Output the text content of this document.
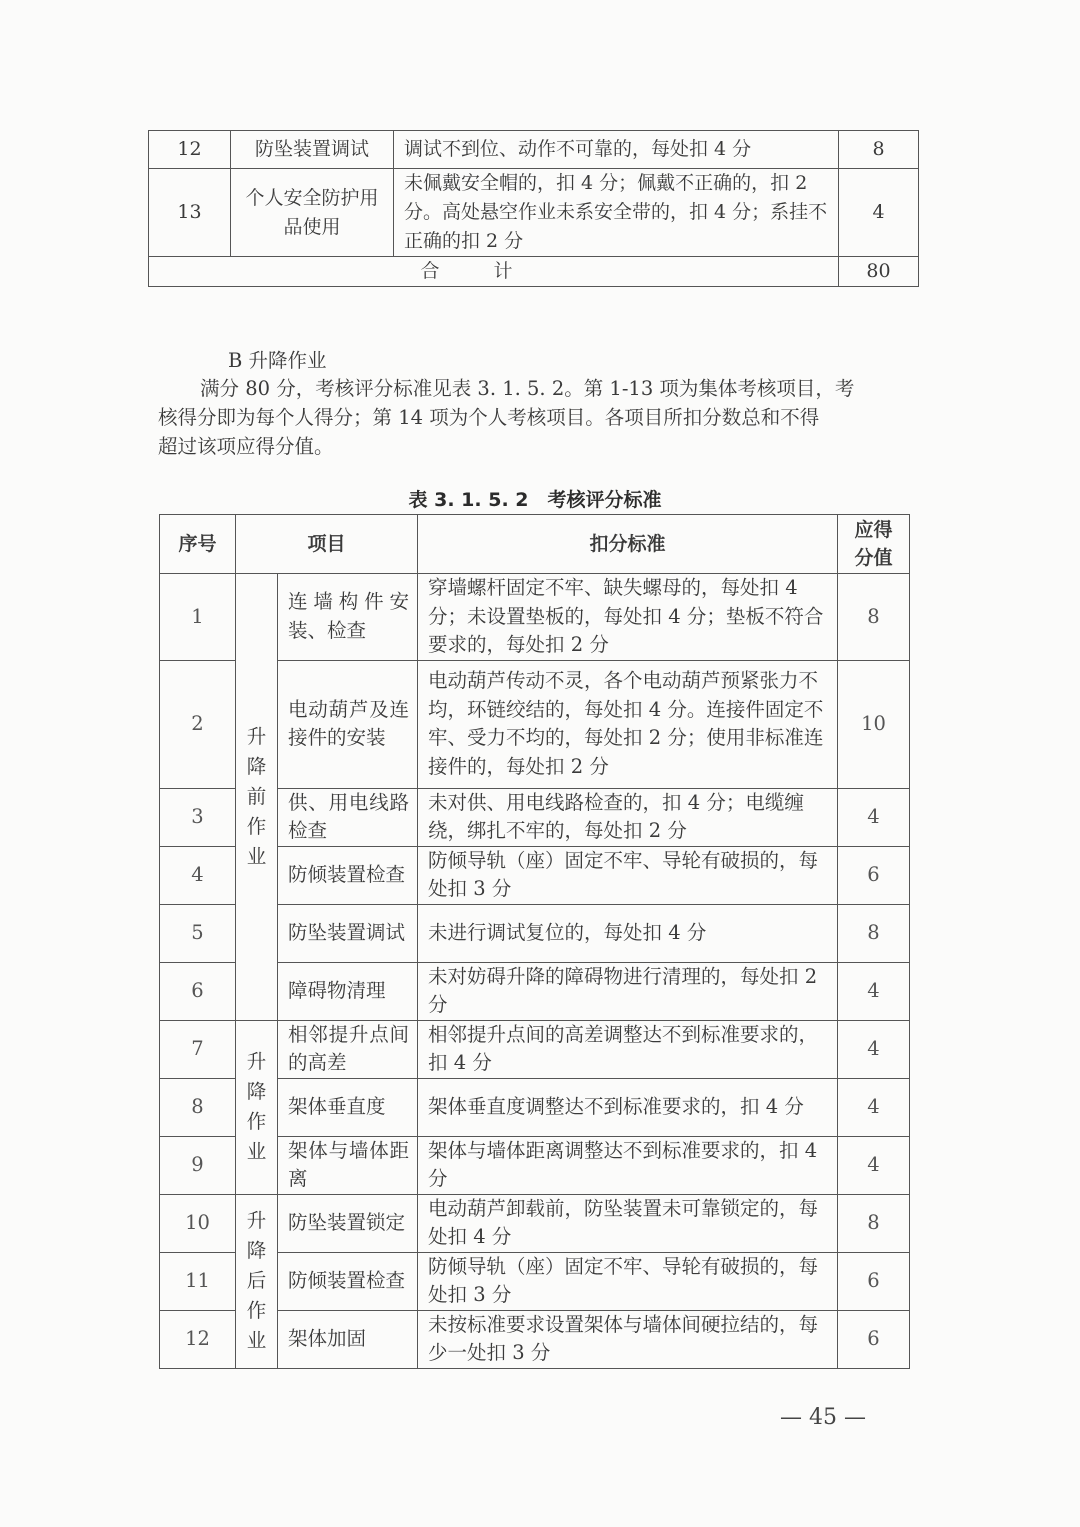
12	防坠装置调试	调试不到位、动作不可靠的，每处扣 4 分	8
13	个人安全防护用品使用	未佩戴安全帽的，扣 4 分；佩戴不正确的，扣 2 分。高处悬空作业未系安全带的，扣 4 分；系挂不正确的扣 2 分	4
合计			80
B 升降作业
满分 80 分，考核评分标准见表 3. 1. 5. 2。第 1-13 项为集体考核项目，考
核得分即为每个人得分；第 14 项为个人考核项目。各项目所扣分数总和不得
超过该项应得分值。
表 3. 1. 5. 2　考核评分标准
序号	项目		扣分标准	应得分值
1	升降前作业	连墙构件安装、检查	穿墙螺杆固定不牢、缺失螺母的，每处扣 4 分；未设置垫板的，每处扣 4 分；垫板不符合要求的，每处扣 2 分	8
2		电动葫芦及连接件的安装	电动葫芦传动不灵，各个电动葫芦预紧张力不均，环链绞结的，每处扣 4 分。连接件固定不牢、受力不均的，每处扣 2 分；使用非标准连接件的，每处扣 2 分	10
3		供、用电线路检查	未对供、用电线路检查的，扣 4 分；电缆缠绕，绑扎不牢的，每处扣 2 分	4
4		防倾装置检查	防倾导轨（座）固定不牢、导轮有破损的，每处扣 3 分	6
5		防坠装置调试	未进行调试复位的，每处扣 4 分	8
6		障碍物清理	未对妨碍升降的障碍物进行清理的，每处扣 2 分	4
7	升降作业	相邻提升点间的高差	相邻提升点间的高差调整达不到标准要求的，扣 4 分	4
8		架体垂直度	架体垂直度调整达不到标准要求的，扣 4 分	4
9		架体与墙体距离	架体与墙体距离调整达不到标准要求的，扣 4 分	4
10	升降后作业	防坠装置锁定	电动葫芦卸载前，防坠装置未可靠锁定的，每处扣 4 分	8
11		防倾装置检查	防倾导轨（座）固定不牢、导轮有破损的，每处扣 3 分	6
12		架体加固	未按标准要求设置架体与墙体间硬拉结的，每少一处扣 3 分	6
— 45 —
